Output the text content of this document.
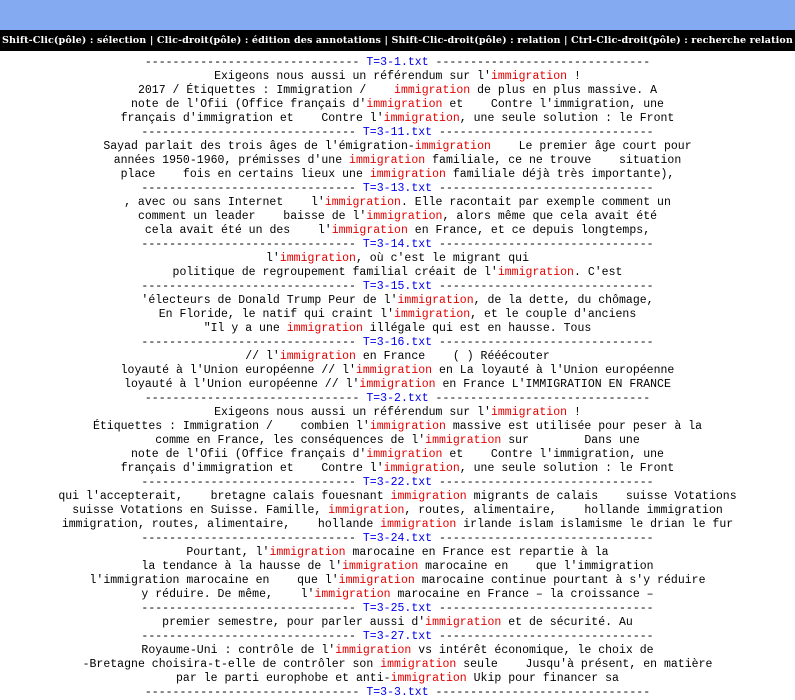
Shift-Clic(pôle) : sélection | Clic-droit(pôle) : édition des annotations | Shift-Clic-droit(pôle) : relation | Ctrl-Clic-droit(pôle) : recherche relation
------------------------------- T=3-1.txt -------------------------------
Exigeons nous aussi un référendum sur l'immigration !
2017 / Étiquettes : Immigration /    immigration de plus en plus massive. A
note de l'Ofii (Office français d'immigration et    Contre l'immigration, une
français d'immigration et    Contre l'immigration, une seule solution : le Front
------------------------------- T=3-11.txt -------------------------------
Sayad parlait des trois âges de l'émigration-immigration    Le premier âge court pour
années 1950-1960, prémisses d'une immigration familiale, ce ne trouve    situation
place    fois en certains lieux une immigration familiale déjà très importante),
------------------------------- T=3-13.txt -------------------------------
, avec ou sans Internet    l'immigration. Elle racontait par exemple comment un
comment un leader    baisse de l'immigration, alors même que cela avait été
cela avait été un des    l'immigration en France, et ce depuis longtemps,
------------------------------- T=3-14.txt -------------------------------
l'immigration, où c'est le migrant qui
politique de regroupement familial créait de l'immigration. C'est
------------------------------- T=3-15.txt -------------------------------
'électeurs de Donald Trump Peur de l'immigration, de la dette, du chômage,
En Floride, le natif qui craint l'immigration, et le couple d'anciens
"Il y a une immigration illégale qui est en hausse. Tous
------------------------------- T=3-16.txt -------------------------------
// l'immigration en France    ( ) Rééécouter
loyauté à l'Union européenne // l'immigration en La loyauté à l'Union européenne
loyauté à l'Union européenne // l'immigration en France L'IMMIGRATION EN FRANCE
------------------------------- T=3-2.txt -------------------------------
Exigeons nous aussi un référendum sur l'immigration !
Étiquettes : Immigration /    combien l'immigration massive est utilisée pour peser à la
comme en France, les conséquences de l'immigration sur        Dans une
note de l'Ofii (Office français d'immigration et    Contre l'immigration, une
français d'immigration et    Contre l'immigration, une seule solution : le Front
------------------------------- T=3-22.txt -------------------------------
qui l'accepterait,    bretagne calais fouesnant immigration migrants de calais    suisse Votations
suisse Votations en Suisse. Famille, immigration, routes, alimentaire,    hollande immigration
immigration, routes, alimentaire,    hollande immigration irlande islam islamisme le drian le fur
------------------------------- T=3-24.txt -------------------------------
Pourtant, l'immigration marocaine en France est repartie à la
la tendance à la hausse de l'immigration marocaine en    que l'immigration
l'immigration marocaine en    que l'immigration marocaine continue pourtant à s'y réduire
y réduire. De même,    l'immigration marocaine en France – la croissance –
------------------------------- T=3-25.txt -------------------------------
premier semestre, pour parler aussi d'immigration et de sécurité. Au
------------------------------- T=3-27.txt -------------------------------
Royaume-Uni : contrôle de l'immigration vs intérêt économique, le choix de
-Bretagne choisira-t-elle de contrôler son immigration seule    Jusqu'à présent, en matière
par le parti europhobe et anti-immigration Ukip pour financer sa
------------------------------- T=3-3.txt -------------------------------
